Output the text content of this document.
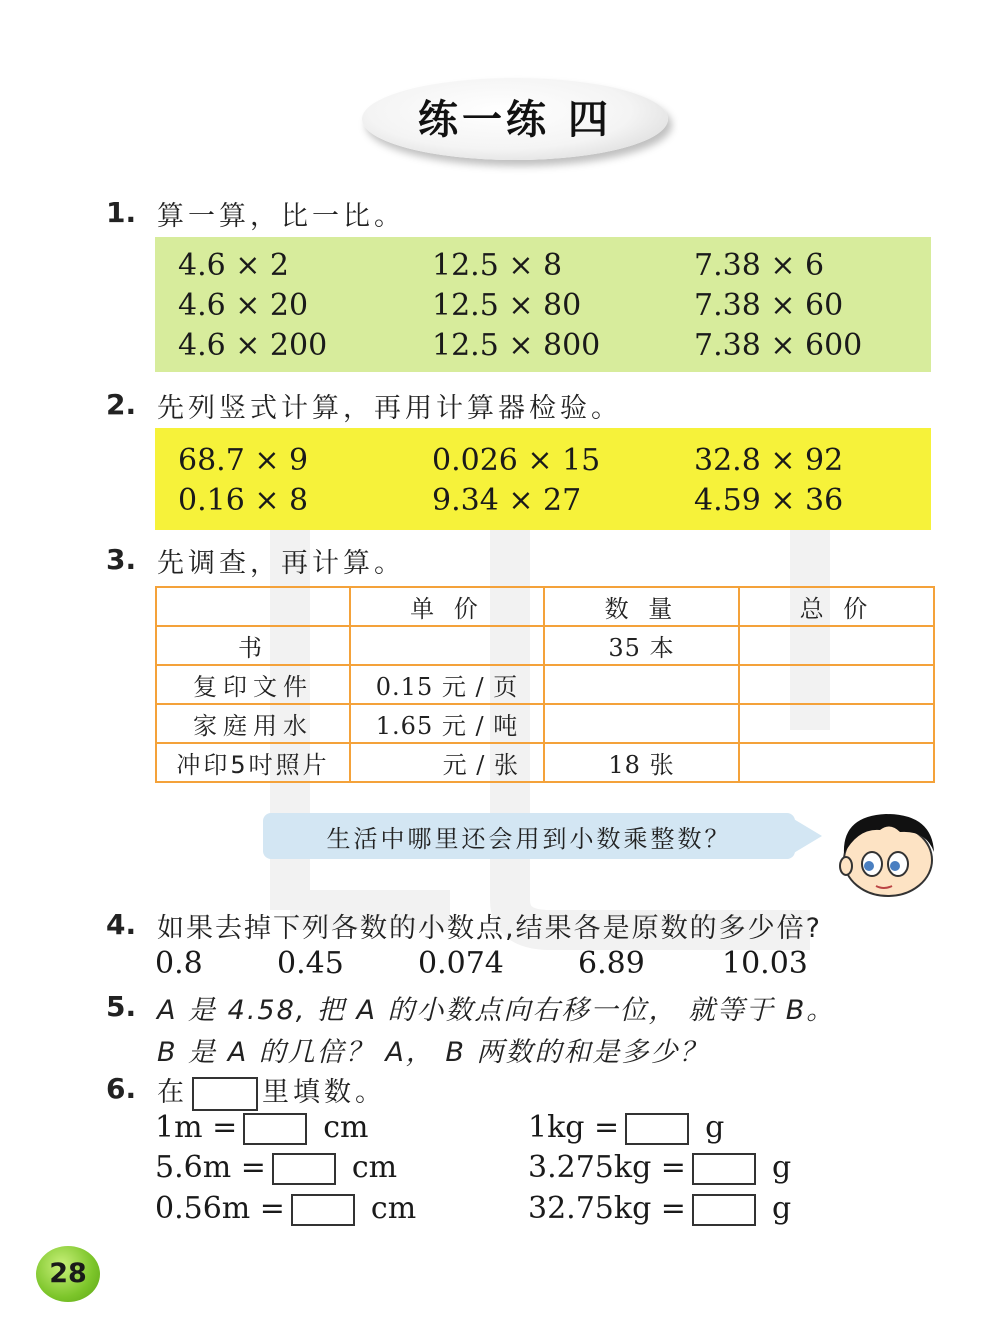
练一练 四
1. 算一算，比一比。
4.6 × 2	12.5 × 8	7.38 × 6
4.6 × 20	12.5 × 80	7.38 × 60
4.6 × 200	12.5 × 800	7.38 × 600
2. 先列竖式计算，再用计算器检验。
68.7 × 9	0.026 × 15	32.8 × 92
0.16 × 8	9.34 × 27	4.59 × 36
3. 先调查，再计算。
	单 价	数 量	总 价
书		35 本	
复印文件	0.15 元 / 页		
家庭用水	1.65 元 / 吨		
冲印5吋照片	元 / 张	18 张	
生活中哪里还会用到小数乘整数？
4. 如果去掉下列各数的小数点,结果各是原数的多少倍?
0.8 0.45 0.074 6.89	10.03
5. A 是 4.58, 把 A 的小数点向右移一位， 就等于 B。
B 是 A 的几倍？ A， B 两数的和是多少？
6. 在	里填数。
1m =	cm
5.6m =	cm
0.56m =	cm
1kg =	g
3.275kg =	g
32.75kg =	g
28
